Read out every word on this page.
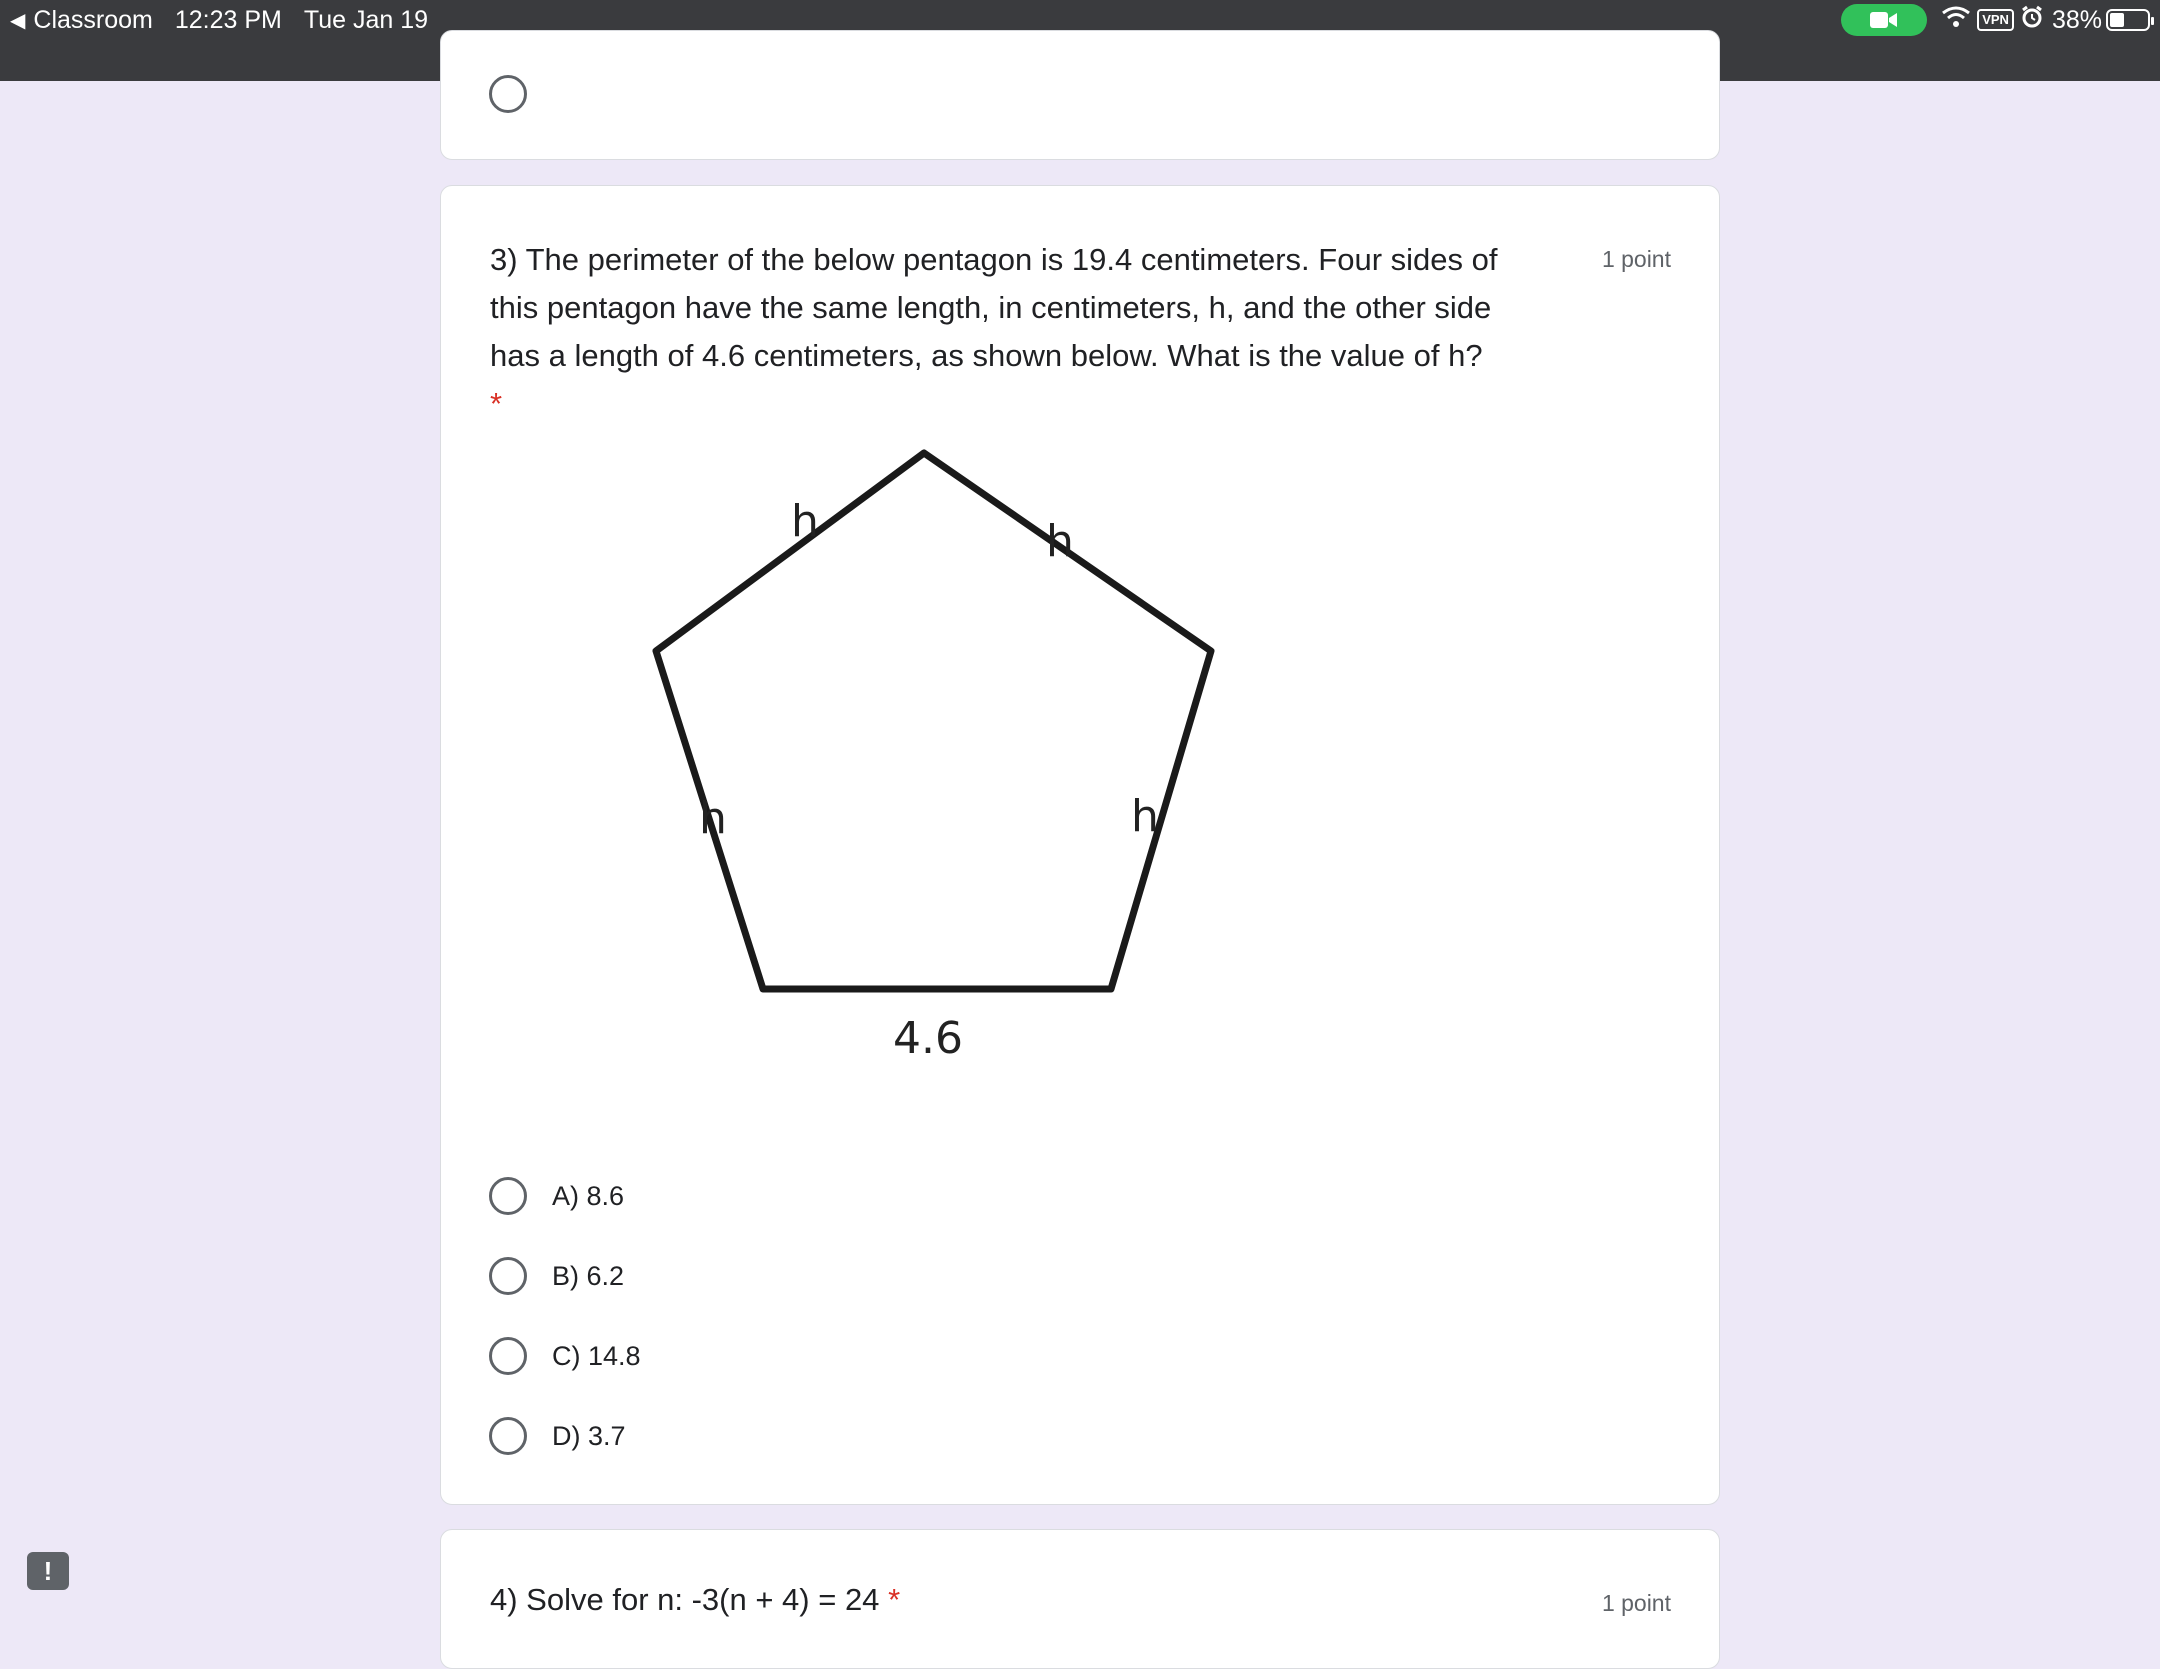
◀ Classroom 12:23 PM Tue Jan 19	VPN 38%
3) The perimeter of the below pentagon is 19.4 centimeters. Four sides of this pentagon have the same length, in centimeters, h, and the other side has a length of 4.6 centimeters, as shown below. What is the value of h? *
1 point
h	h
h	h
4.6
A) 8.6
B) 6.2
C) 14.8
D) 3.7
4) Solve for n: -3(n + 4) = 24 *	1 point
!
